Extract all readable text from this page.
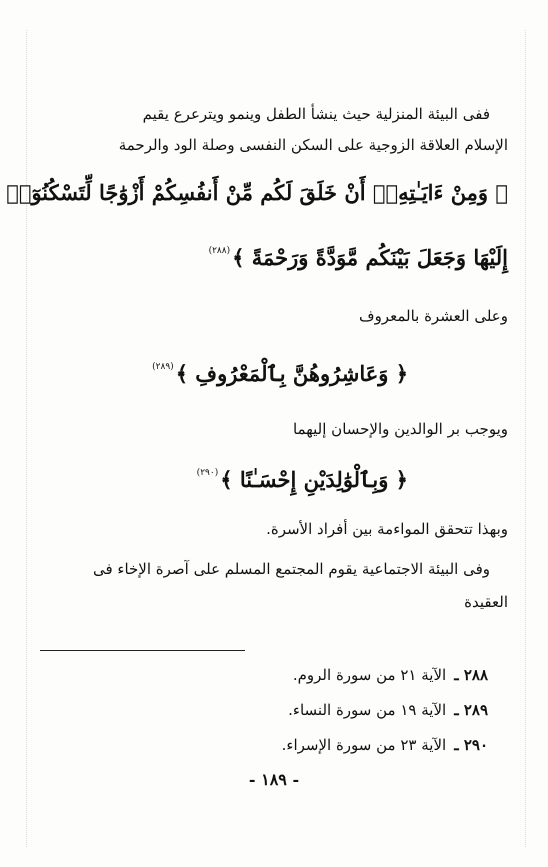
ففى البيئة المنزلية حيث ينشأ الطفل وينمو ويترعرع يقيم
الإسلام العلاقة الزوجية على السكن النفسى وصلة الود والرحمة
﴿ وَمِنْ ءَايَـٰتِهِۦٓ أَنْ خَلَقَ لَكُم مِّنْ أَنفُسِكُمْ أَزْوَٰجًا لِّتَسْكُنُوٓا۟
إِلَيْهَا وَجَعَلَ بَيْنَكُم مَّوَدَّةً وَرَحْمَةً ﴾$^{(٢٨٨)}$
وعلى العشرة بالمعروف
﴿ وَعَاشِرُوهُنَّ بِٱلْمَعْرُوفِ ﴾$^{(٢٨٩)}$
ويوجب بر الوالدين والإحسان إليهما
﴿ وَبِٱلْوَٰلِدَيْنِ إِحْسَـٰنًا ﴾$^{(٢٩٠)}$
وبهذا تتحقق المواءمة بين أفراد الأسرة.
وفى البيئة الاجتماعية يقوم المجتمع المسلم على آصرة الإخاء فى
العقيدة
٢٨٨ ـالآية ٢١ من سورة الروم.
٢٨٩ ـالآية ١٩ من سورة النساء.
٢٩٠ ـالآية ٢٣ من سورة الإسراء.
- ١٨٩ -
